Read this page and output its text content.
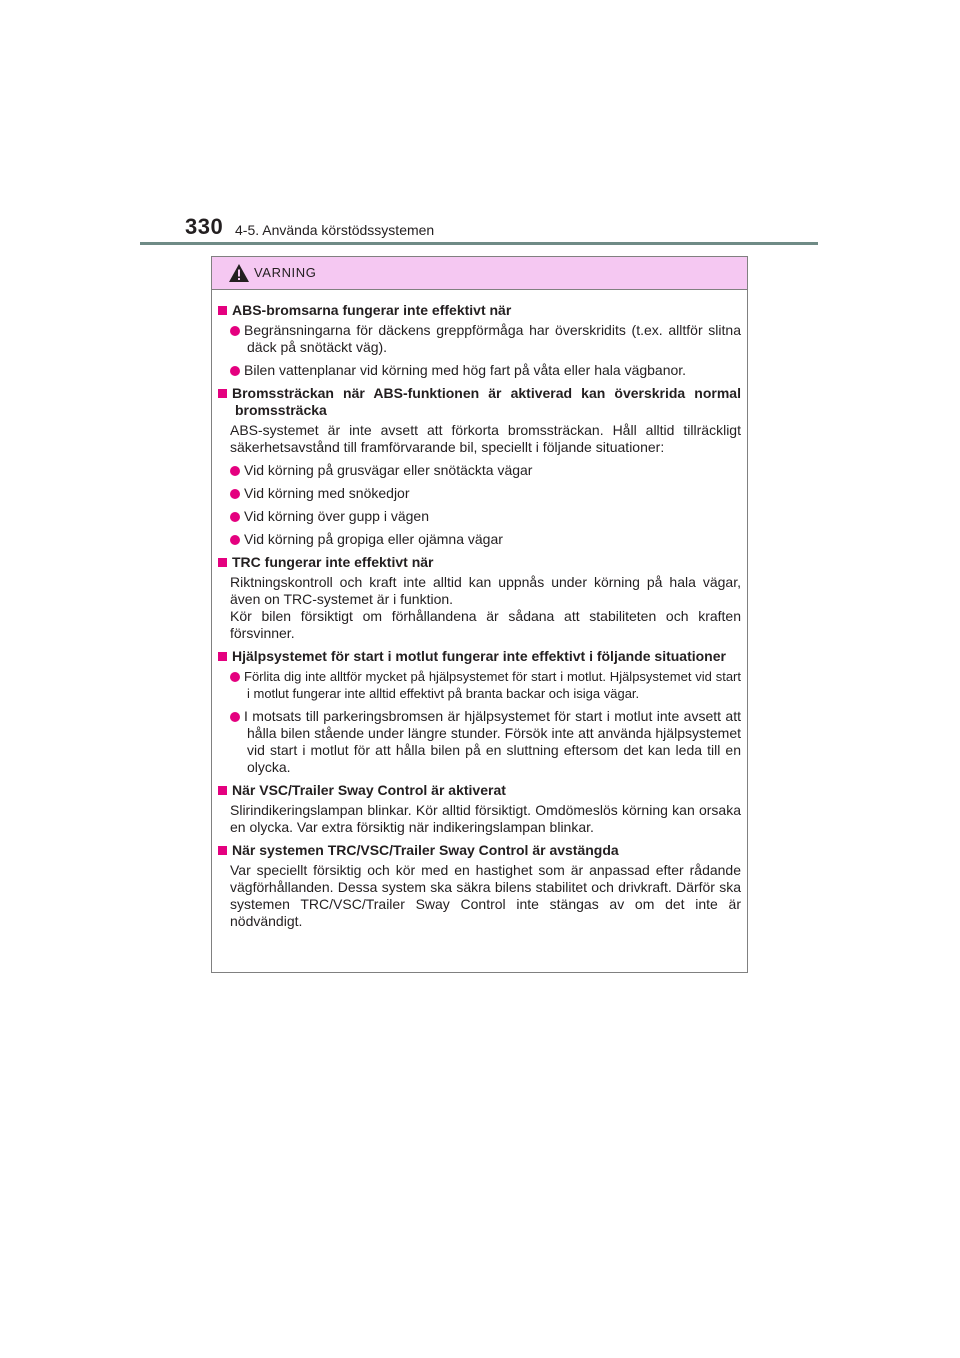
330 4-5. Använda körstödssystemen
VARNING
ABS-bromsarna fungerar inte effektivt när
Begränsningarna för däckens greppförmåga har överskridits (t.ex. alltför slitna däck på snötäckt väg).
Bilen vattenplanar vid körning med hög fart på våta eller hala vägbanor.
Bromssträckan när ABS-funktionen är aktiverad kan överskrida normal bromssträcka
ABS-systemet är inte avsett att förkorta bromssträckan. Håll alltid tillräckligt säkerhetsavstånd till framförvarande bil, speciellt i följande situationer:
Vid körning på grusvägar eller snötäckta vägar
Vid körning med snökedjor
Vid körning över gupp i vägen
Vid körning på gropiga eller ojämna vägar
TRC fungerar inte effektivt när
Riktningskontroll och kraft inte alltid kan uppnås under körning på hala vägar, även on TRC-systemet är i funktion.
Kör bilen försiktigt om förhållandena är sådana att stabiliteten och kraften försvinner.
Hjälpsystemet för start i motlut fungerar inte effektivt i följande situationer
Förlita dig inte alltför mycket på hjälpsystemet för start i motlut. Hjälpsystemet vid start i motlut fungerar inte alltid effektivt på branta backar och isiga vägar.
I motsats till parkeringsbromsen är hjälpsystemet för start i motlut inte avsett att hålla bilen stående under längre stunder. Försök inte att använda hjälpsystemet vid start i motlut för att hålla bilen på en sluttning eftersom det kan leda till en olycka.
När VSC/Trailer Sway Control är aktiverat
Slirindikeringslampan blinkar. Kör alltid försiktigt. Omdömeslös körning kan orsaka en olycka. Var extra försiktig när indikeringslampan blinkar.
När systemen TRC/VSC/Trailer Sway Control är avstängda
Var speciellt försiktig och kör med en hastighet som är anpassad efter rådande vägförhållanden. Dessa system ska säkra bilens stabilitet och drivkraft. Därför ska systemen TRC/VSC/Trailer Sway Control inte stängas av om det inte är nödvändigt.
